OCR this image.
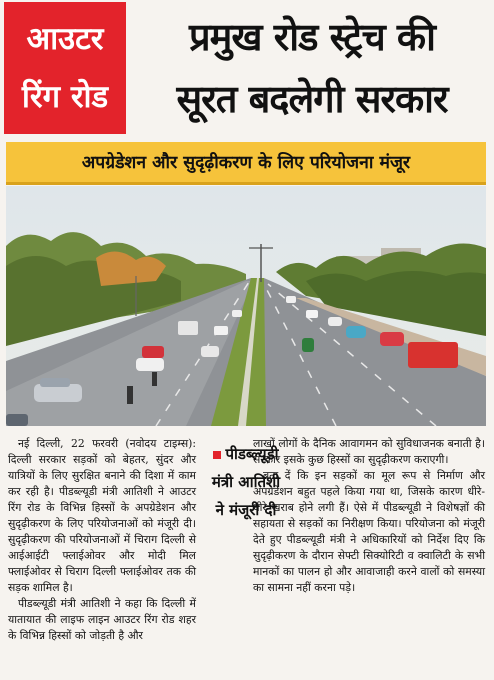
आउटर
रिंग रोड
प्रमुख रोड स्ट्रेच की
सूरत बदलेगी सरकार
अपग्रेडेशन और सुदृढ़ीकरण के लिए परियोजना मंजूर

नई दिल्ली, 22 फरवरी (नवोदय टाइम्स): दिल्ली सरकार सड़कों को बेहतर, सुंदर और यात्रियों के लिए सुरक्षित बनाने की दिशा में काम कर रही है। पीडब्ल्यूडी मंत्री आतिशी ने आउटर रिंग रोड के विभिन्न हिस्सों के अपग्रेडेशन और सुदृढ़ीकरण के लिए परियोजनाओं को मंजूरी दी। सुदृढ़ीकरण की परियोजनाओं में चिराग दिल्ली से आईआईटी फ्लाईओवर और मोदी मिल फ्लाईओवर से चिराग दिल्ली फ्लाईओवर तक की सड़क शामिल है।

पीडब्ल्यूडी मंत्री आतिशी ने कहा कि दिल्ली में यातायात की लाइफ लाइन आउटर रिंग रोड शहर के विभिन्न हिस्सों को जोड़ती है और

पीडब्ल्यूडी
मंत्री आतिशी
ने मंजूरी दी

लाखों लोगों के दैनिक आवागमन को सुविधाजनक बनाती है। सरकार इसके कुछ हिस्सों का सुदृढ़ीकरण कराएगी।

बता दें कि इन सड़कों का मूल रूप से निर्माण और अपग्रेडेशन बहुत पहले किया गया था, जिसके कारण धीरे-धीरे खराब होने लगी हैं। ऐसे में पीडब्ल्यूडी ने विशेषज्ञों की सहायता से सड़कों का निरीक्षण किया। परियोजना को मंजूरी देते हुए पीडब्ल्यूडी मंत्री ने अधिकारियों को निर्देश दिए कि सुदृढ़ीकरण के दौरान सेफ्टी सिक्योरिटी व क्वालिटी के सभी मानकों का पालन हो और आवाजाही करने वालों को समस्या का सामना नहीं करना पड़े।
